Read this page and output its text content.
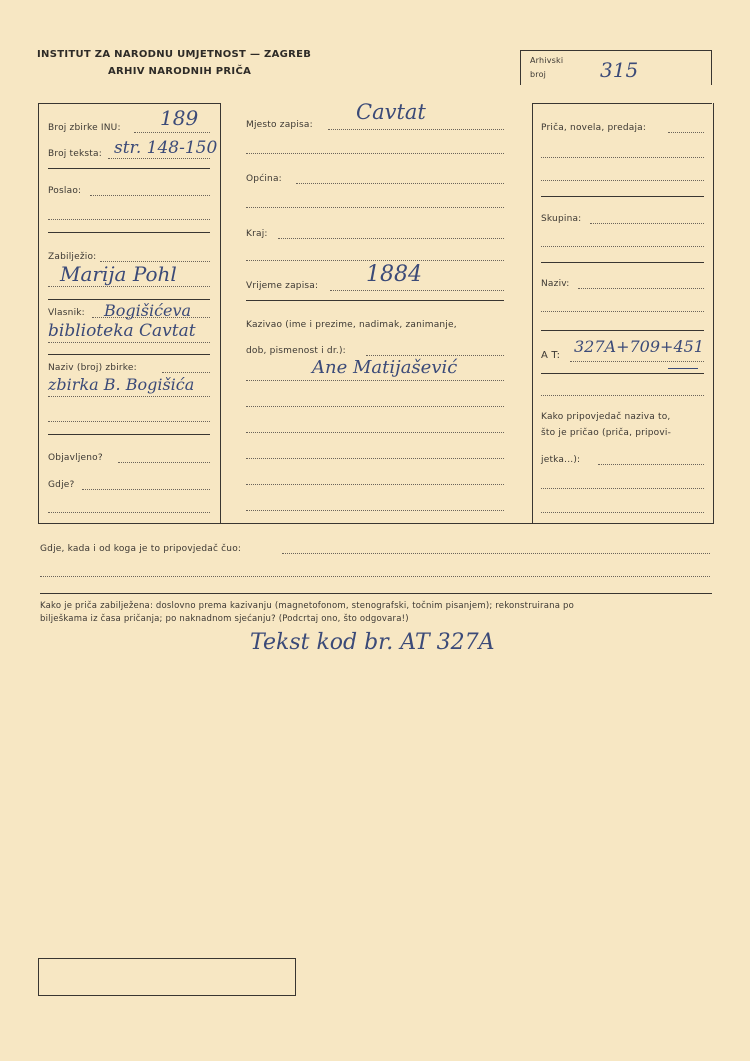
INSTITUT ZA NARODNU UMJETNOST — ZAGREB
ARHIV NARODNIH PRIČA
Arhivski
broj	315
Broj zbirke INU: 189
Broj teksta: str. 148-150
Poslao:
Zabilježio:
Marija Pohl
Vlasnik: Bogišićeva
biblioteka Cavtat
Naziv (broj) zbirke:
zbirka B. Bogišića
Objavljeno?
Gdje?
Mjesto zapisa:
Cavtat
Općina:
Kraj:
Vrijeme zapisa: 1884
Kazivao (ime i prezime, nadimak, zanimanje,
dob, pismenost i dr.):
Ane Matijašević
Priča, novela, predaja:
Skupina:
Naziv:
A T: 327A+709+451
Kako pripovjedač naziva to,
što je pričao (priča, pripovi-
jetka...):
Gdje, kada i od koga je to pripovjedač čuo:
Kako je priča zabilježena: doslovno prema kazivanju (magnetofonom, stenografski, točnim pisanjem); rekonstruirana po
bilješkama iz časa pričanja; po naknadnom sjećanju? (Podcrtaj ono, što odgovara!)
Tekst kod br. AT 327A
